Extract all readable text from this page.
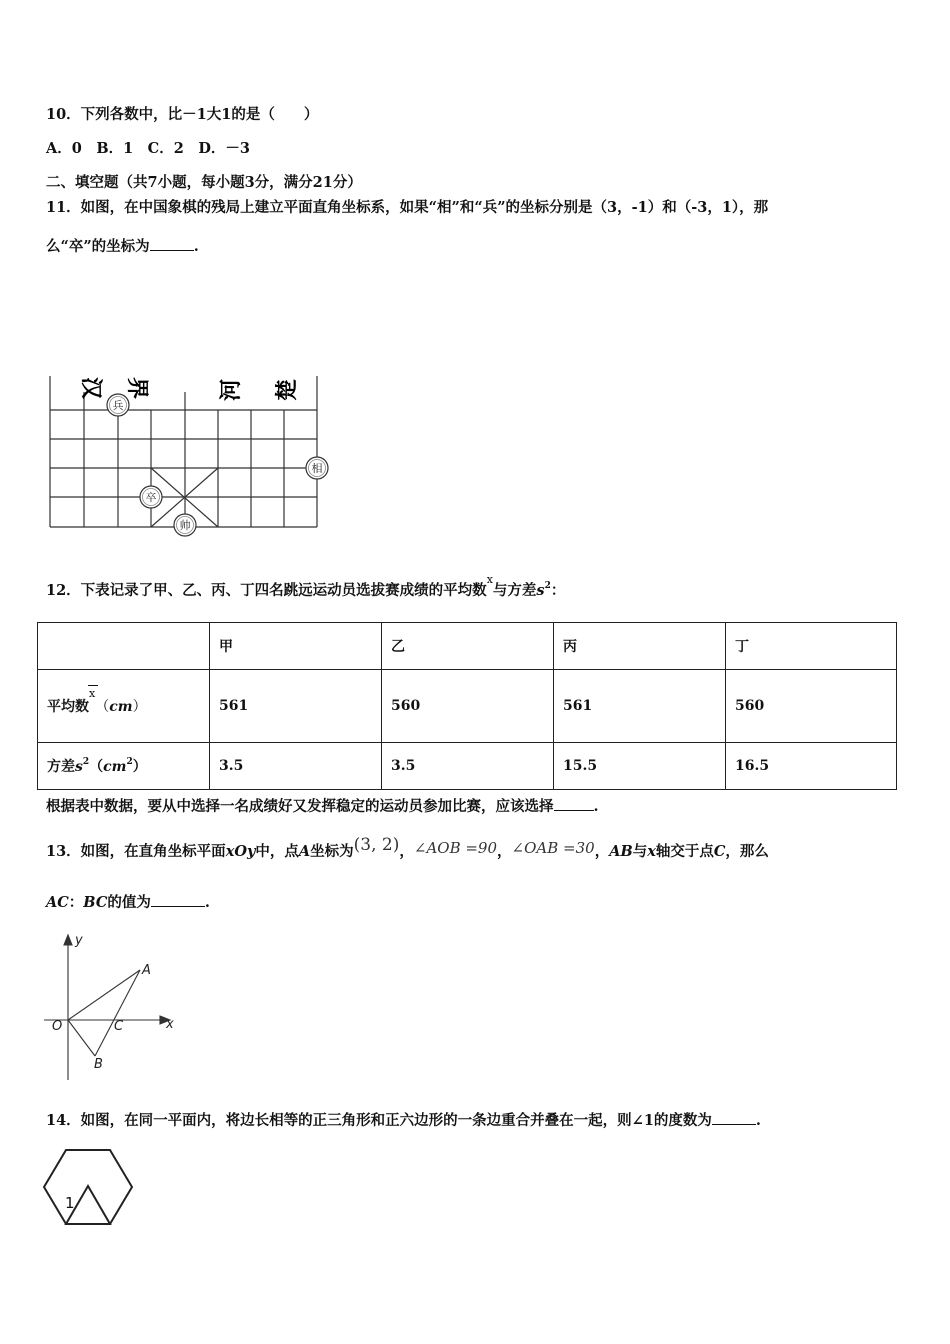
10．下列各数中，比－1大1的是（　　）
A．0　B．1　C．2　D．－3
二、填空题（共7小题，每小题3分，满分21分）
11．如图，在中国象棋的残局上建立平面直角坐标系，如果“相”和“兵”的坐标分别是（3，-1）和（-3，1），那
么“卒”的坐标为	.
汉 界	河 楚
兵
相
卒
帅
12．下表记录了甲、乙、丙、丁四名跳远运动员选拔赛成绩的平均数x与方差$s^2$：
	甲	乙	丙	丁
平均数
x（cm）	561	560	561	560
方差$s^2(cm^2)$	3.5	3.5	15.5	16.5
根据表中数据，要从中选择一名成绩好又发挥稳定的运动员参加比赛，应该选择	.
13．如图，在直角坐标平面xOy中，点A坐标为(3, 2)，∠AOB =90，∠OAB =30，AB与x轴交于点C，那么
AC：BC的值为	.
y
x
O
A
B
C
14．如图，在同一平面内，将边长相等的正三角形和正六边形的一条边重合并叠在一起，则∠1的度数为	.
1
